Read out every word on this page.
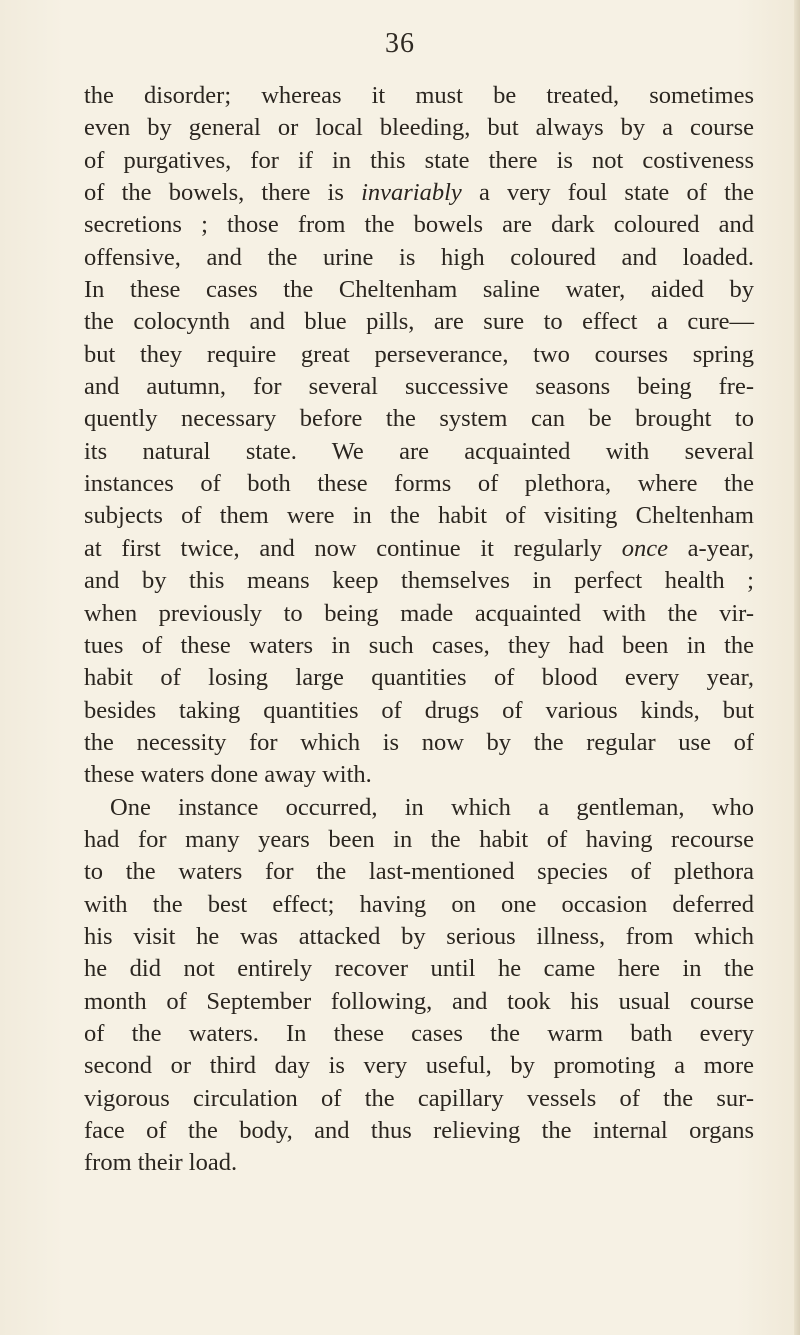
36
the disorder; whereas it must be treated, sometimes
even by general or local bleeding, but always by a course
of purgatives, for if in this state there is not costiveness
of the bowels, there is invariably a very foul state of the
secretions ; those from the bowels are dark coloured and
offensive, and the urine is high coloured and loaded.
In these cases the Cheltenham saline water, aided by
the colocynth and blue pills, are sure to effect a cure—
but they require great perseverance, two courses spring
and autumn, for several successive seasons being fre-
quently necessary before the system can be brought to
its natural state. We are acquainted with several
instances of both these forms of plethora, where the
subjects of them were in the habit of visiting Cheltenham
at first twice, and now continue it regularly once a-year,
and by this means keep themselves in perfect health ;
when previously to being made acquainted with the vir-
tues of these waters in such cases, they had been in the
habit of losing large quantities of blood every year,
besides taking quantities of drugs of various kinds, but
the necessity for which is now by the regular use of
these waters done away with.
One instance occurred, in which a gentleman, who
had for many years been in the habit of having recourse
to the waters for the last-mentioned species of plethora
with the best effect; having on one occasion deferred
his visit he was attacked by serious illness, from which
he did not entirely recover until he came here in the
month of September following, and took his usual course
of the waters. In these cases the warm bath every
second or third day is very useful, by promoting a more
vigorous circulation of the capillary vessels of the sur-
face of the body, and thus relieving the internal organs
from their load.
